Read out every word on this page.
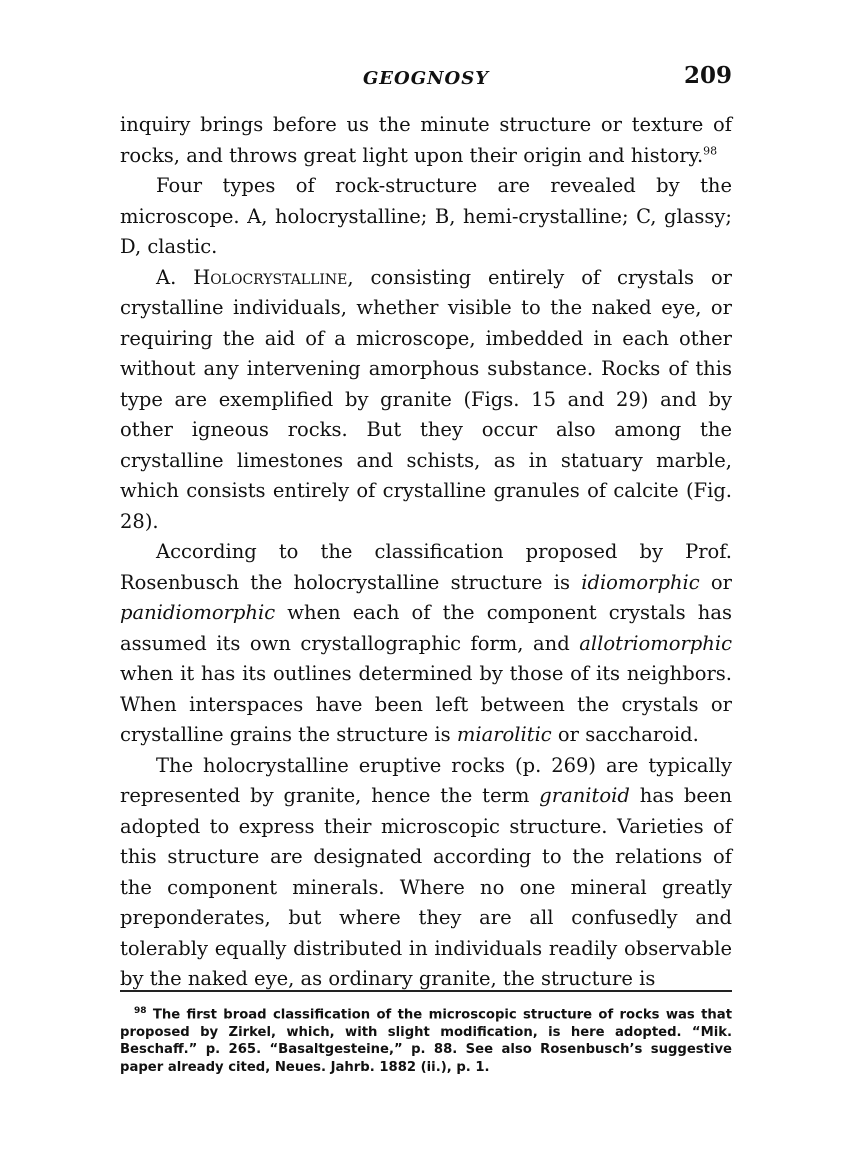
GEOGNOSY	209

inquiry brings before us the minute structure or texture of rocks, and throws great light upon their origin and history.$^{98}$

Four types of rock-structure are revealed by the microscope. A, holocrystalline; B, hemi-crystalline; C, glassy; D, clastic.

A. Holocrystalline, consisting entirely of crystals or crystalline individuals, whether visible to the naked eye, or requiring the aid of a microscope, imbedded in each other without any intervening amorphous substance. Rocks of this type are exemplified by granite (Figs. 15 and 29) and by other igneous rocks. But they occur also among the crystalline limestones and schists, as in statuary marble, which consists entirely of crystalline granules of calcite (Fig. 28).

According to the classification proposed by Prof. Rosenbusch the holocrystalline structure is idiomorphic or panidiomorphic when each of the component crystals has assumed its own crystallographic form, and allotriomorphic when it has its outlines determined by those of its neighbors. When interspaces have been left between the crystals or crystalline grains the structure is miarolitic or saccharoid.

The holocrystalline eruptive rocks (p. 269) are typically represented by granite, hence the term granitoid has been adopted to express their microscopic structure. Varieties of this structure are designated according to the relations of the component minerals. Where no one mineral greatly preponderates, but where they are all confusedly and tolerably equally distributed in individuals readily observable by the naked eye, as ordinary granite, the structure is

$^{98}$ The first broad classification of the microscopic structure of rocks was that proposed by Zirkel, which, with slight modification, is here adopted. “Mik. Beschaff.” p. 265. “Basaltgesteine,” p. 88. See also Rosenbusch’s suggestive paper already cited, Neues. Jahrb. 1882 (ii.), p. 1.
